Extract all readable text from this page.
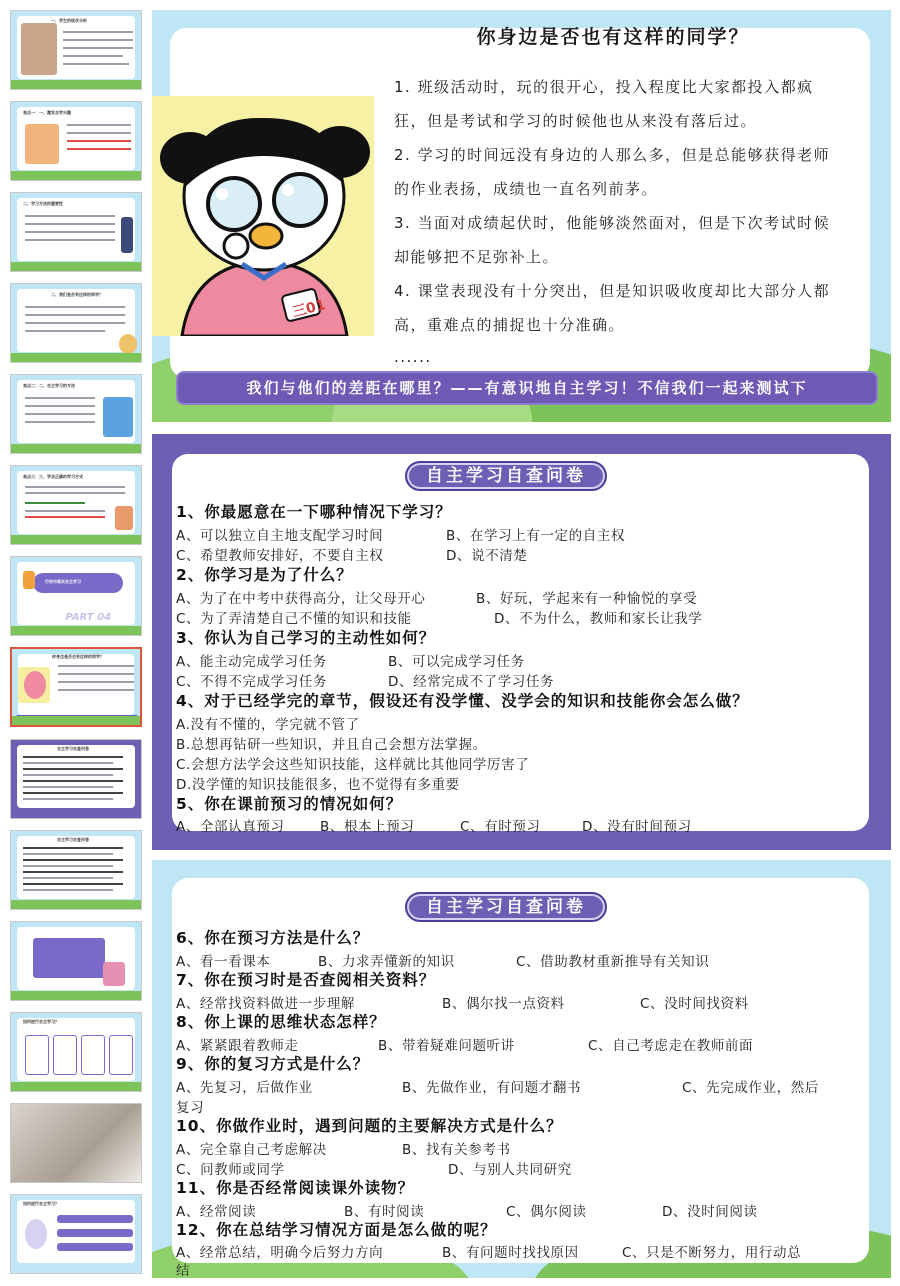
一、学生的现状分析
观点一：一、激发自学兴趣
二、学习方法的重要性
二、我们是否有这样的同学？
观点二：二、自主学习的方法
观点三：三、学会正确的学习方式
行动中落实自主学习
PART 04
你身边是否也有这样的同学？
自主学习自查问卷
自主学习自查问卷
如何进行自主学习？
如何进行自主学习？
你身边是否也有这样的同学？
1. 班级活动时，玩的很开心，投入程度比大家都投入都疯狂，但是考试和学习的时候他也从来没有落后过。
2. 学习的时间远没有身边的人那么多，但是总能够获得老师的作业表扬，成绩也一直名列前茅。
3. 当面对成绩起伏时，他能够淡然面对，但是下次考试时候却能够把不足弥补上。
4. 课堂表现没有十分突出，但是知识吸收度却比大部分人都高，重难点的捕捉也十分准确。
......
三01
我们与他们的差距在哪里？——有意识地自主学习！不信我们一起来测试下
自主学习自查问卷
1、你最愿意在一下哪种情况下学习？
A、可以独立自主地支配学习时间	B、在学习上有一定的自主权
C、希望教师安排好，不要自主权	D、说不清楚
2、你学习是为了什么？
A、为了在中考中获得高分，让父母开心	B、好玩，学起来有一种愉悦的享受
C、为了弄清楚自己不懂的知识和技能	D、不为什么，教师和家长让我学
3、你认为自己学习的主动性如何？
A、能主动完成学习任务	B、可以完成学习任务
C、不得不完成学习任务	D、经常完成不了学习任务
4、对于已经学完的章节，假设还有没学懂、没学会的知识和技能你会怎么做？
A.没有不懂的，学完就不管了
B.总想再钻研一些知识，并且自己会想方法掌握。
C.会想方法学会这些知识技能，这样就比其他同学厉害了
D.没学懂的知识技能很多，也不觉得有多重要
5、你在课前预习的情况如何？
A、全部认真预习	B、根本上预习	C、有时预习	D、没有时间预习
自主学习自查问卷
6、你在预习方法是什么？
A、看一看课本	B、力求弄懂新的知识	C、借助教材重新推导有关知识
7、你在预习时是否查阅相关资料？
A、经常找资料做进一步理解	B、偶尔找一点资料	C、没时间找资料
8、你上课的思维状态怎样？
A、紧紧跟着教师走	B、带着疑难问题听讲	C、自己考虑走在教师前面
9、你的复习方式是什么？
A、先复习，后做作业	B、先做作业，有问题才翻书	C、先完成作业，然后
复习
10、你做作业时，遇到问题的主要解决方式是什么？
A、完全靠自己考虑解决	B、找有关参考书
C、问教师或同学	D、与别人共同研究
11、你是否经常阅读课外读物？
A、经常阅读	B、有时阅读	C、偶尔阅读	D、没时间阅读
12、你在总结学习情况方面是怎么做的呢？
A、经常总结，明确今后努力方向	B、有问题时找找原因	C、只是不断努力，用行动总
结
